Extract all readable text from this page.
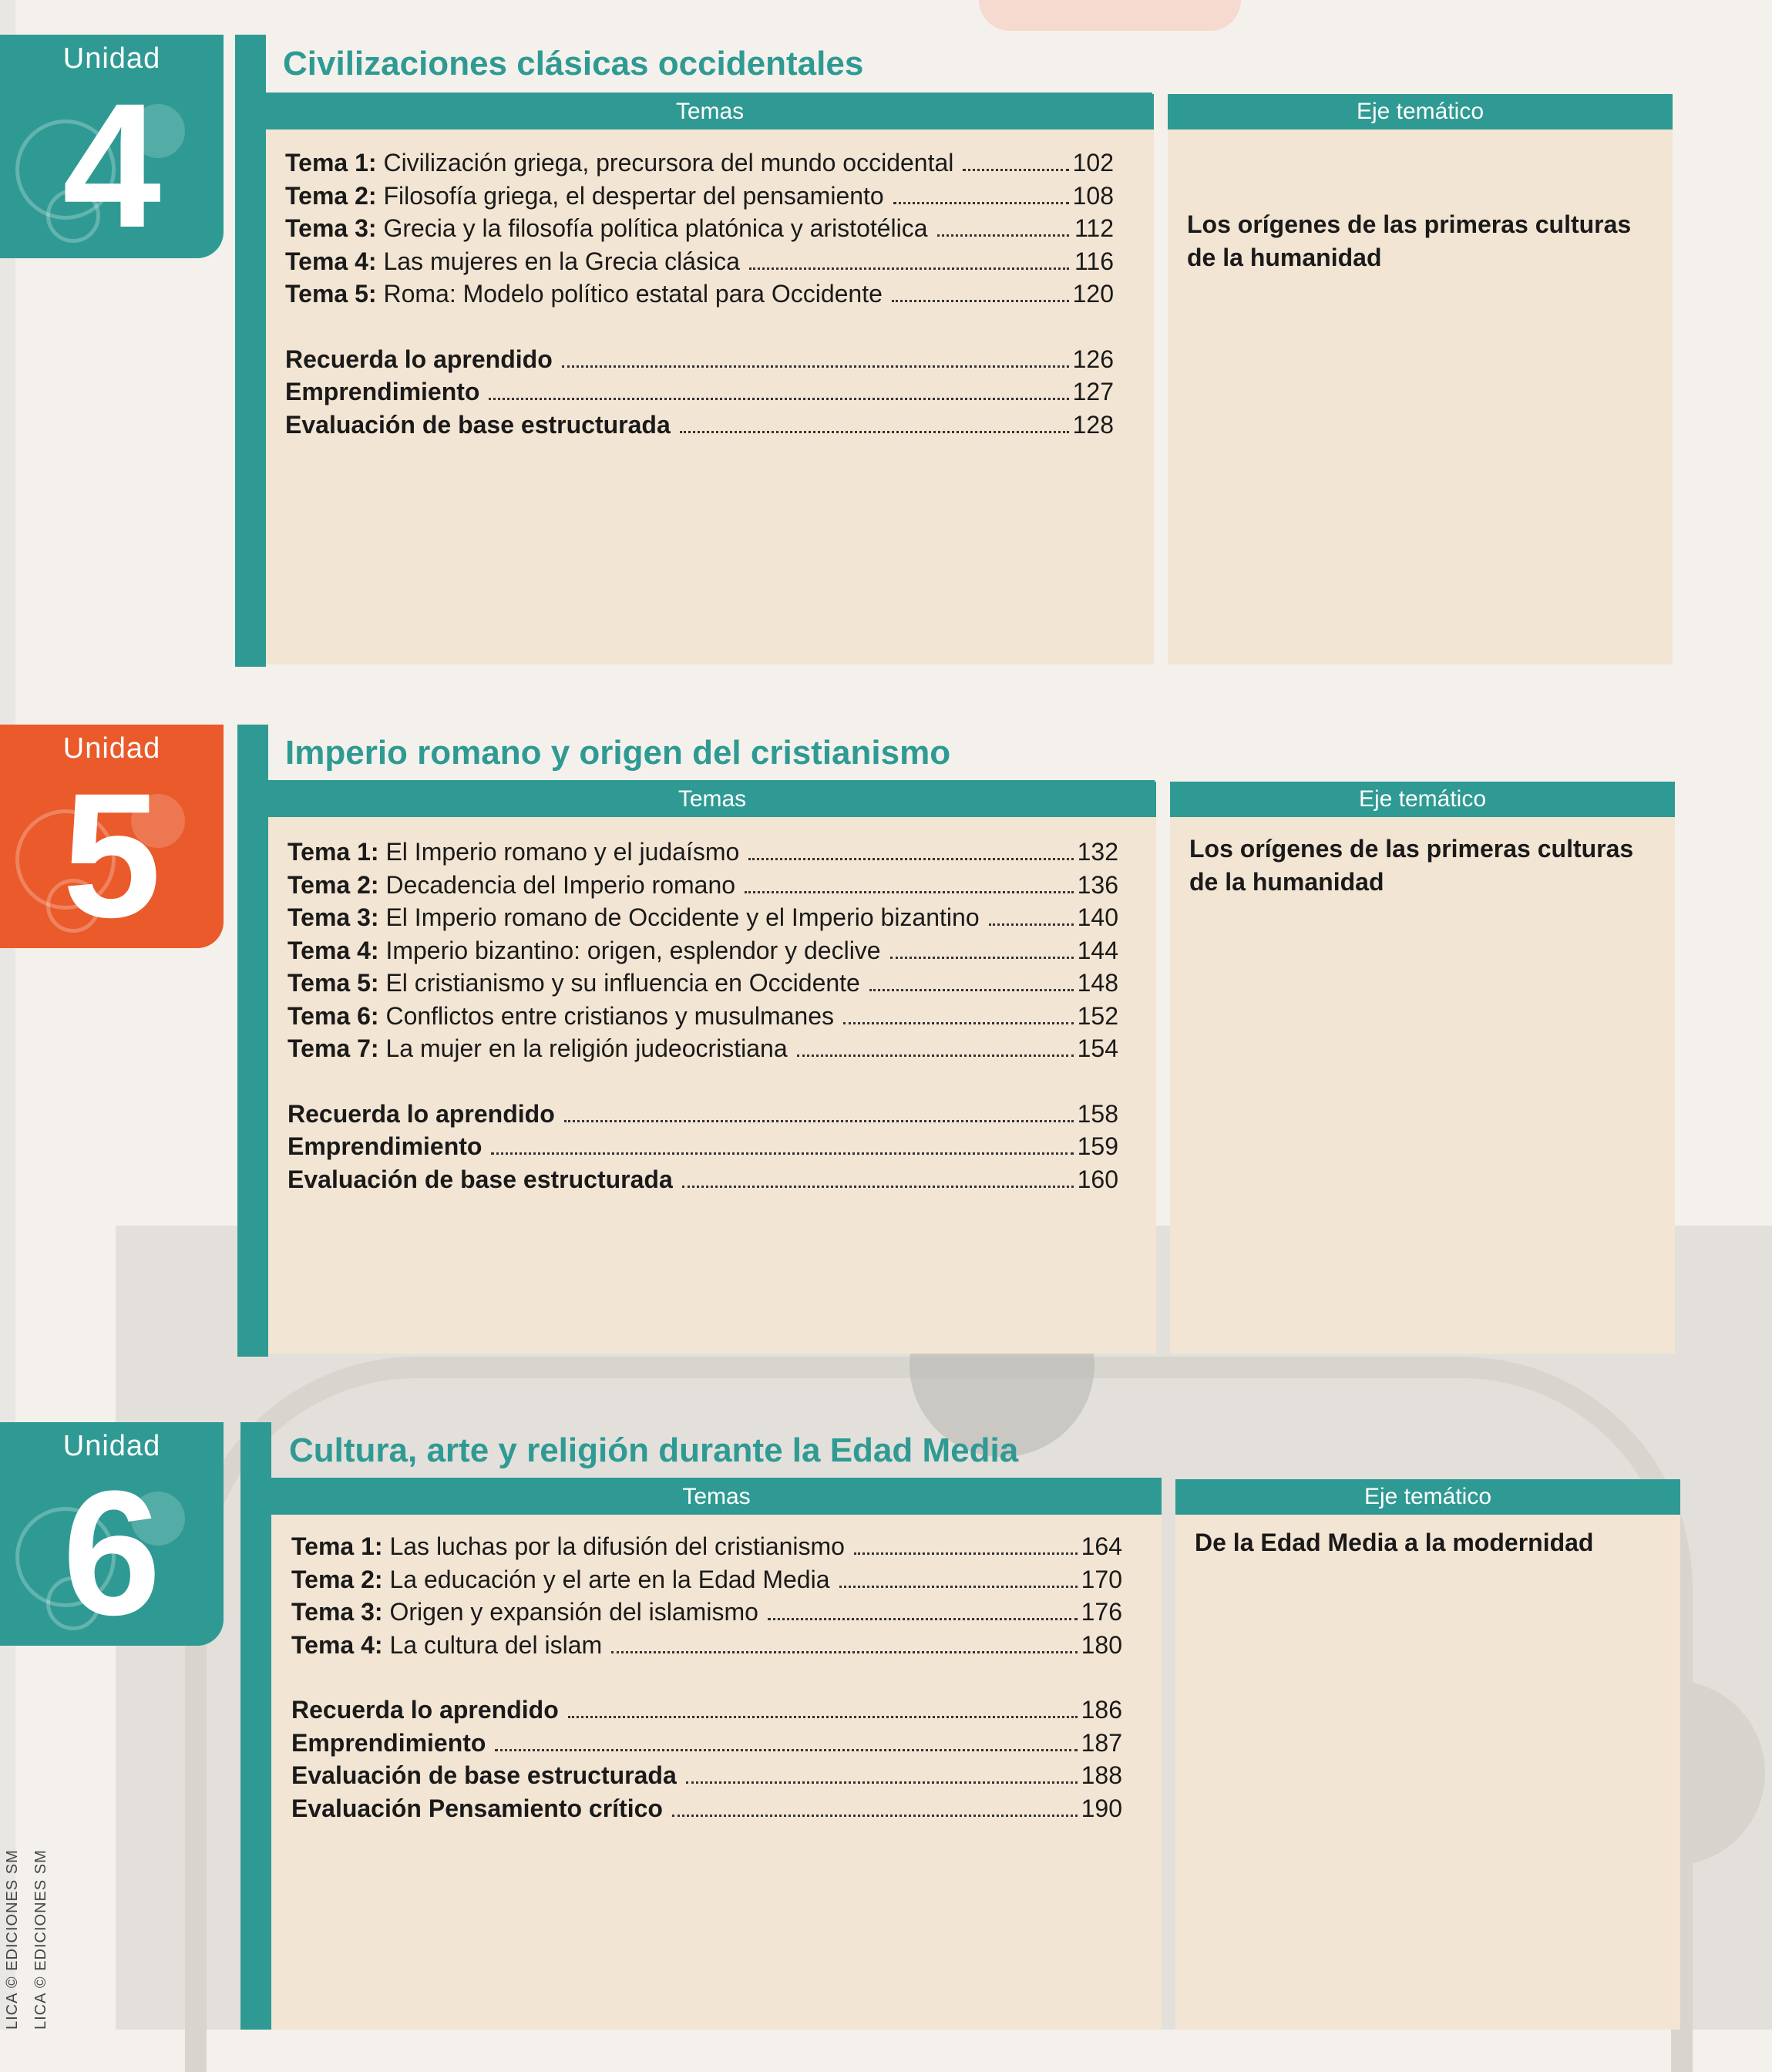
Unidad
4
Civilizaciones clásicas occidentales
Temas
Tema 1: Civilización griega, precursora del mundo occidental	102
Tema 2: Filosofía griega, el despertar del pensamiento	108
Tema 3: Grecia y la filosofía política platónica y aristotélica	112
Tema 4: Las mujeres en la Grecia clásica	116
Tema 5: Roma: Modelo político estatal para Occidente	120
Recuerda lo aprendido	126
Emprendimiento	127
Evaluación de base estructurada	128
Eje temático
Los orígenes de las primeras culturas de la humanidad
Unidad
5
Imperio romano y origen del cristianismo
Temas
Tema 1: El Imperio romano y el judaísmo	132
Tema 2: Decadencia del Imperio romano	136
Tema 3: El Imperio romano de Occidente y el Imperio bizantino	140
Tema 4: Imperio bizantino: origen, esplendor y declive	144
Tema 5: El cristianismo y su influencia en Occidente	148
Tema 6: Conflictos entre cristianos y musulmanes	152
Tema 7: La mujer en la religión judeocristiana	154
Recuerda lo aprendido	158
Emprendimiento	159
Evaluación de base estructurada	160
Eje temático
Los orígenes de las primeras culturas de la humanidad
Unidad
6
Cultura, arte y religión durante la Edad Media
Temas
Tema 1: Las luchas por la difusión del cristianismo	164
Tema 2: La educación y el arte en la Edad Media	170
Tema 3: Origen y expansión del islamismo	176
Tema 4: La cultura del islam	180
Recuerda lo aprendido	186
Emprendimiento	187
Evaluación de base estructurada	188
Evaluación Pensamiento crítico	190
Eje temático
De la Edad Media a la modernidad
LICA © EDICIONES SM LICA © EDICIONES SM
